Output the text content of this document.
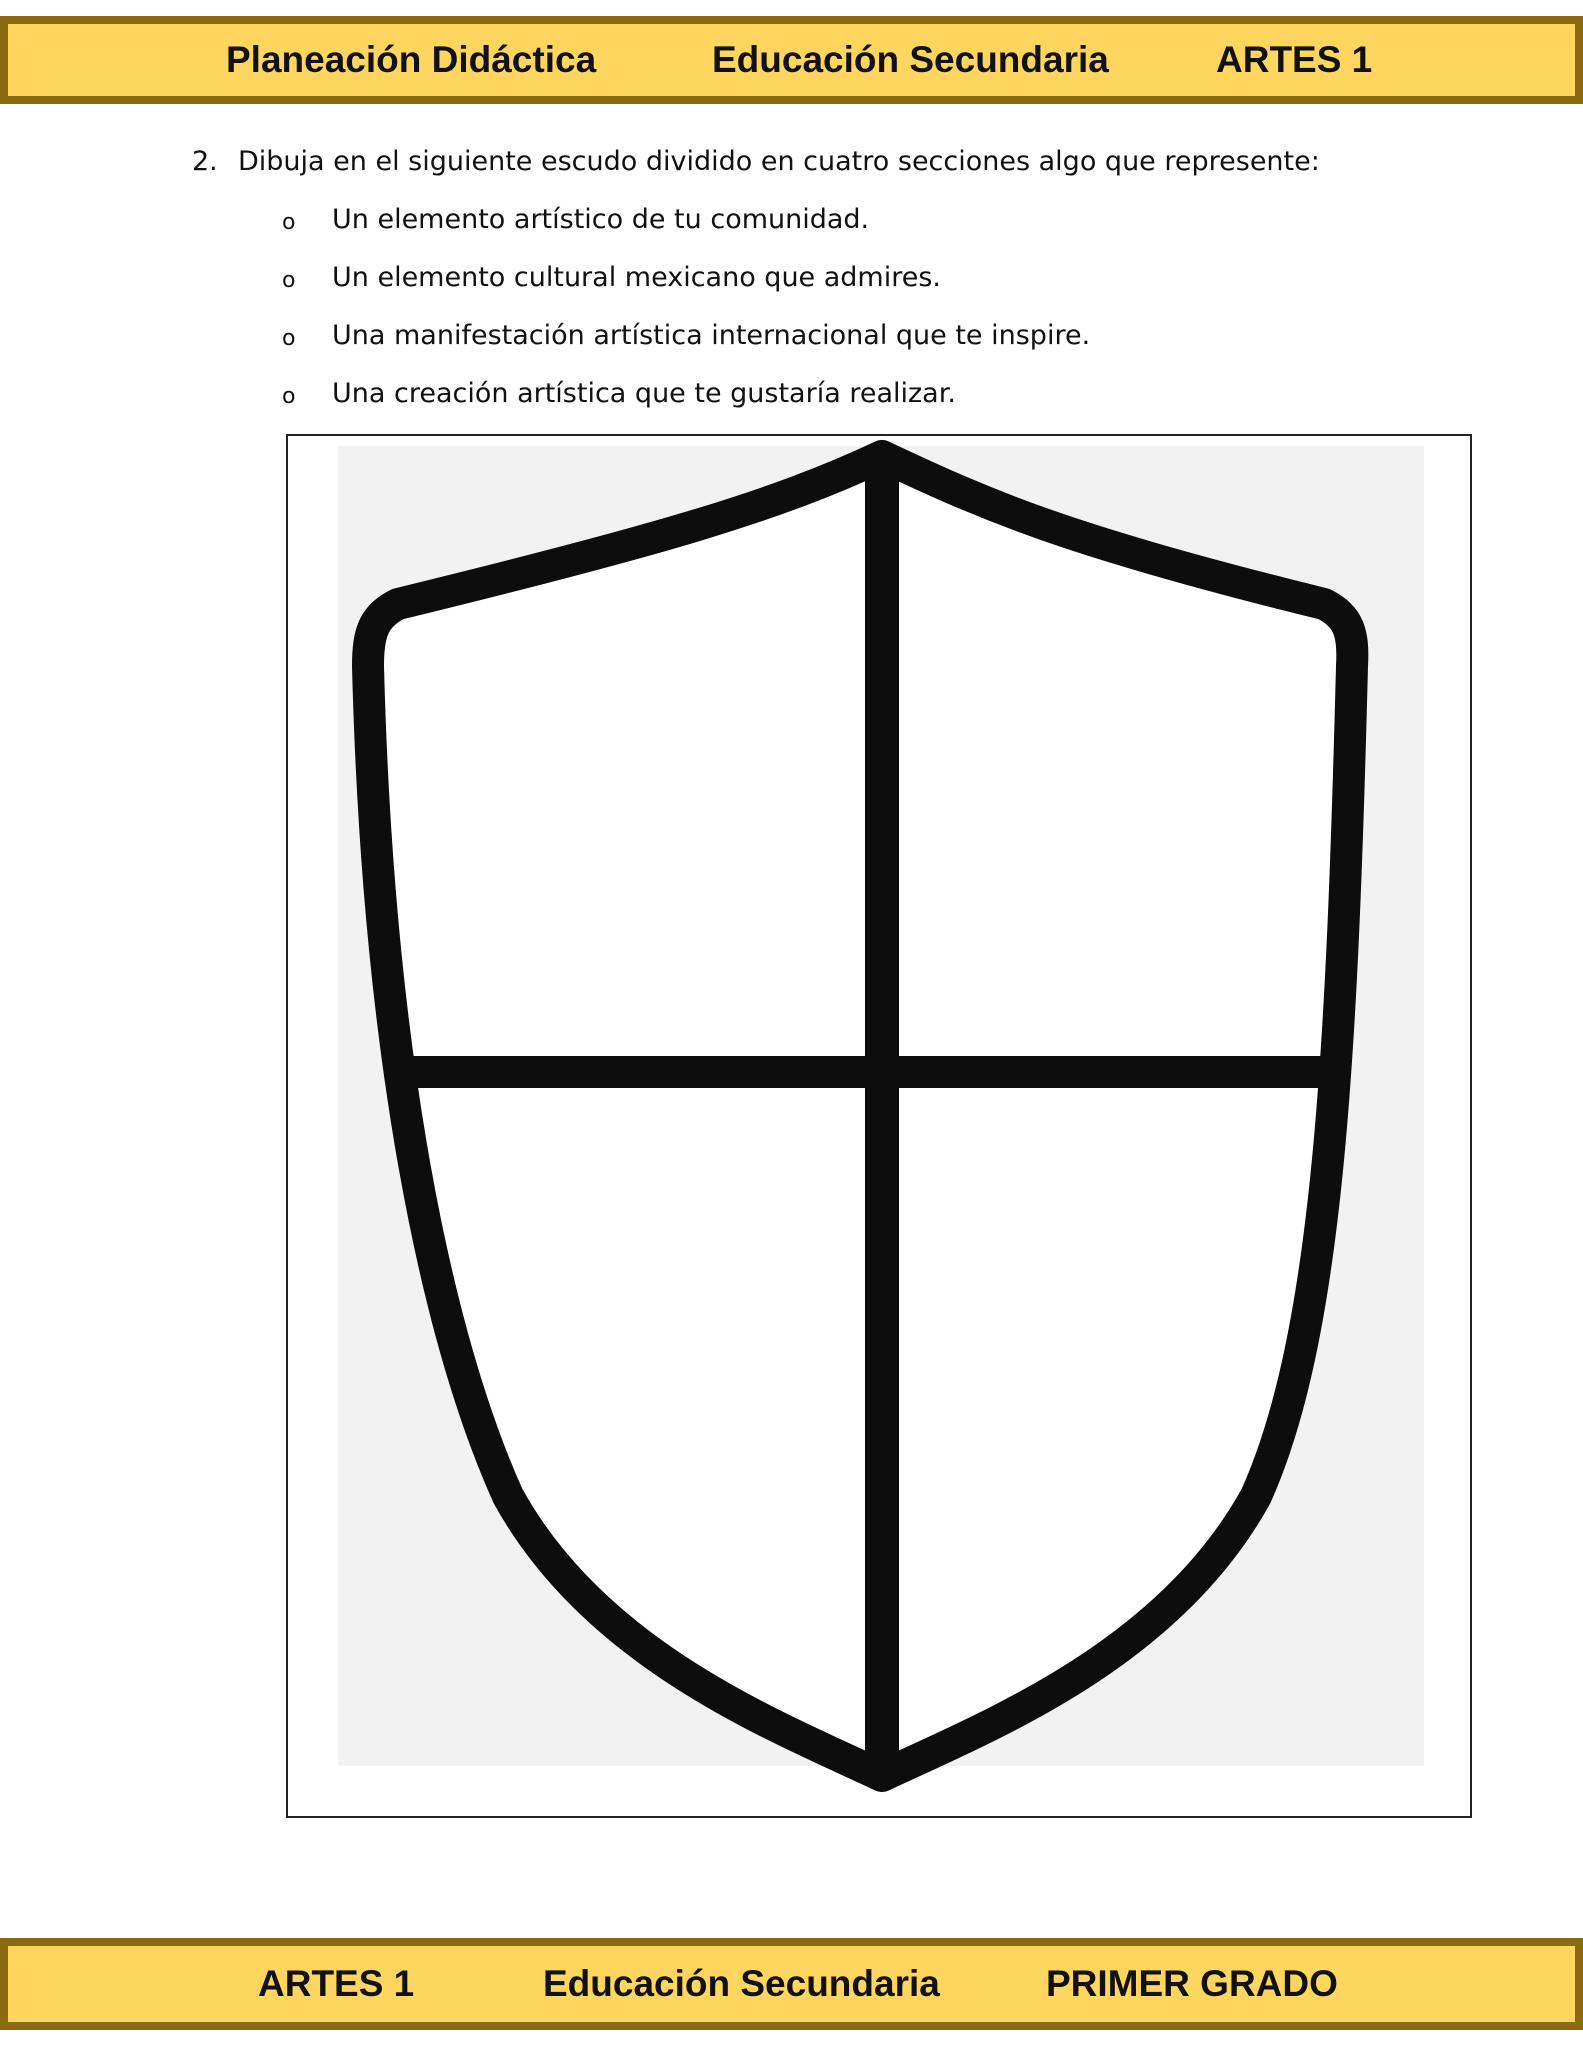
Planeación Didáctica	Educación Secundaria	ARTES 1
2. Dibuja en el siguiente escudo dividido en cuatro secciones algo que represente:
o	Un elemento artístico de tu comunidad.
o	Un elemento cultural mexicano que admires.
o	Una manifestación artística internacional que te inspire.
o	Una creación artística que te gustaría realizar.
ARTES 1	Educación Secundaria	PRIMER GRADO
